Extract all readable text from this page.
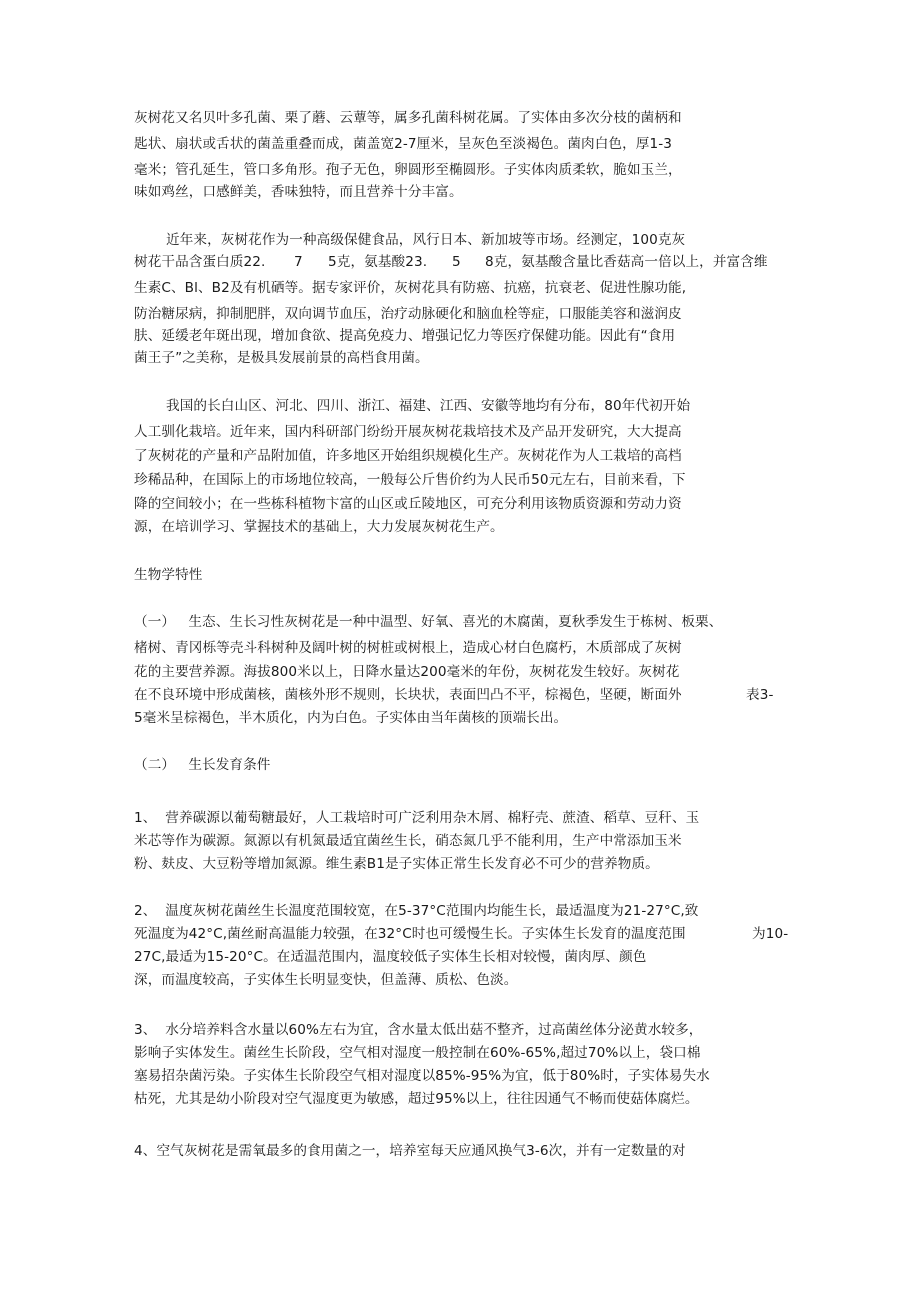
灰树花又名贝叶多孔菌、栗了蘑、云蕈等，属多孔菌科树花属。了实体由多次分枝的菌柄和
匙状、扇状或舌状的菌盖重叠而成，菌盖宽2-7厘米，呈灰色至淡褐色。菌肉白色，厚1-3
毫米；管孔延生，管口多角形。孢子无色，卵圆形至椭圆形。子实体肉质柔软，脆如玉兰，
味如鸡丝，口感鲜美，香味独特，而且营养十分丰富。
近年来，灰树花作为一种高级保健食品，风行日本、新加坡等市场。经测定，100克灰

树花干品含蛋白质22.

7

5克，氨基酸23.

5

8克，氨基酸含量比香菇高一倍以上，并富含维

生素C、Bl、B2及有机硒等。据专家评价，灰树花具有防癌、抗癌，抗衰老、促进性腺功能,
防治糖尿病，抑制肥胖，双向调节血压，治疗动脉硬化和脑血栓等症，口服能美容和滋润皮
肤、延缓老年斑出现，增加食欲、提高免疫力、增强记忆力等医疗保健功能。因此有“食用
菌王子”之美称，是极具发展前景的高档食用菌。
我国的长白山区、河北、四川、浙江、福建、江西、安徽等地均有分布，80年代初开始
人工驯化栽培。近年来，国内科研部门纷纷开展灰树花栽培技术及产品开发研究，大大提高
了灰树花的产量和产品附加值，许多地区开始组织规模化生产。灰树花作为人工栽培的高档
珍稀品种，在国际上的市场地位较高，一般每公斤售价约为人民币50元左右，目前来看，下
降的空间较小；在一些栋科植物卞富的山区或丘陵地区，可充分利用该物质资源和劳动力资
源，在培训学习、掌握技术的基础上，大力发展灰树花生产。
生物学特性
（一）   生态、生长习性灰树花是一种中温型、好氧、喜光的木腐菌，夏秋季发生于栋树、板栗、
楮树、青冈栎等壳斗科树种及阔叶树的树桩或树根上，造成心材白色腐朽，木质部成了灰树
花的主要营养源。海拔800米以上，日降水量达200毫米的年份，灰树花发生较好。灰树花

在不良环境中形成菌核，菌核外形不规则，长块状，表面凹凸不平，棕褐色，坚硬，断面外

	表3-

5毫米呈棕褐色，半木质化，内为白色。子实体由当年菌核的顶端长出。
（二）   生长发育条件
1、  营养碳源以葡萄糖最好，人工栽培时可广泛利用杂木屑、棉籽壳、蔗渣、稻草、豆秆、玉
米芯等作为碳源。氮源以有机氮最适宜菌丝生长，硝态氮几乎不能利用，生产中常添加玉米
粉、麸皮、大豆粉等增加氮源。维生素B1是子实体正常生长发育必不可少的营养物质。
2、  温度灰树花菌丝生长温度范围较宽，在5-37°C范围内均能生长，最适温度为21-27°C,致

死温度为42°C,菌丝耐高温能力较强，在32°C时也可缓慢生长。子实体生长发育的温度范围

	为10-

27C,最适为15-20°C。在适温范围内，温度较低子实体生长相对较慢，菌肉厚、颜色
深，而温度较高，子实体生长明显变快，但盖薄、质松、色淡。
3、  水分培养料含水量以60%左右为宜，含水量太低出菇不整齐，过高菌丝体分泌黄水较多，
影响子实体发生。菌丝生长阶段，空气相对湿度一般控制在60%-65%,超过70%以上，袋口棉
塞易招杂菌污染。子实体生长阶段空气相对湿度以85%-95%为宜，低于80%时，子实体易失水
枯死，尤其是幼小阶段对空气湿度更为敏感，超过95%以上，往往因通气不畅而使菇体腐烂。
4、空气灰树花是需氧最多的食用菌之一，培养室每天应通风换气3-6次，并有一定数量的对
